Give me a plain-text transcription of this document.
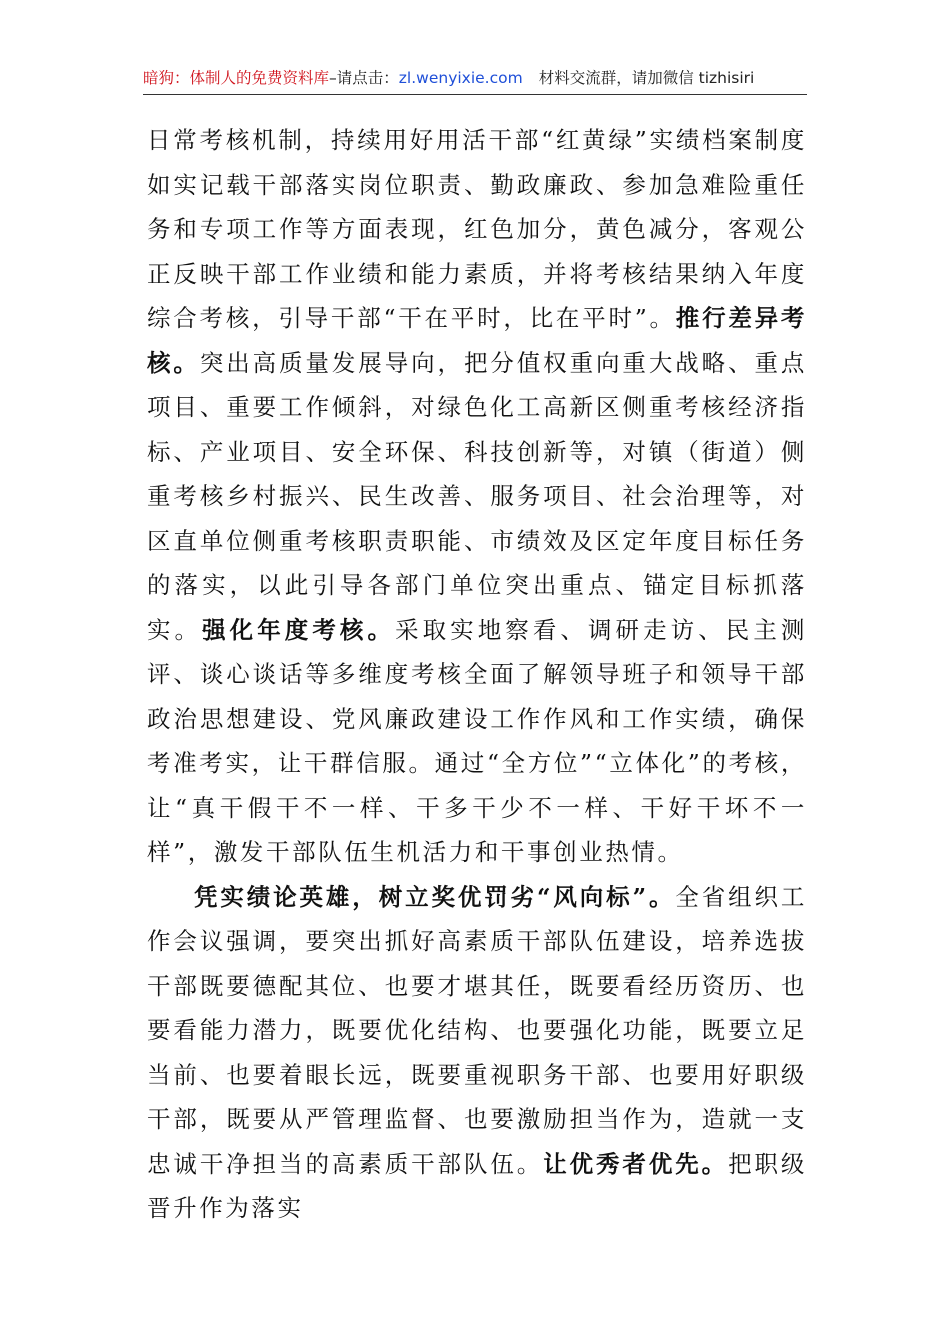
暗狗：体制人的免费资料库–请点击：zl.wenyixie.com 材料交流群，请加微信 tizhisiri

日常考核机制，持续用好用活干部“红黄绿”实绩档案制度如实记载干部落实岗位职责、勤政廉政、参加急难险重任务和专项工作等方面表现，红色加分，黄色减分，客观公正反映干部工作业绩和能力素质，并将考核结果纳入年度综合考核，引导干部“干在平时，比在平时”。推行差异考核。突出高质量发展导向，把分值权重向重大战略、重点项目、重要工作倾斜，对绿色化工高新区侧重考核经济指标、产业项目、安全环保、科技创新等，对镇（街道）侧重考核乡村振兴、民生改善、服务项目、社会治理等，对区直单位侧重考核职责职能、市绩效及区定年度目标任务的落实，以此引导各部门单位突出重点、锚定目标抓落实。强化年度考核。采取实地察看、调研走访、民主测评、谈心谈话等多维度考核全面了解领导班子和领导干部政治思想建设、党风廉政建设工作作风和工作实绩，确保考准考实，让干群信服。通过“全方位”“立体化”的考核，让“真干假干不一样、干多干少不一样、干好干坏不一样”，激发干部队伍生机活力和干事创业热情。

凭实绩论英雄，树立奖优罚劣“风向标”。全省组织工作会议强调，要突出抓好高素质干部队伍建设，培养选拔干部既要德配其位、也要才堪其任，既要看经历资历、也要看能力潜力，既要优化结构、也要强化功能，既要立足当前、也要着眼长远，既要重视职务干部、也要用好职级干部，既要从严管理监督、也要激励担当作为，造就一支忠诚干净担当的高素质干部队伍。让优秀者优先。把职级晋升作为落实
